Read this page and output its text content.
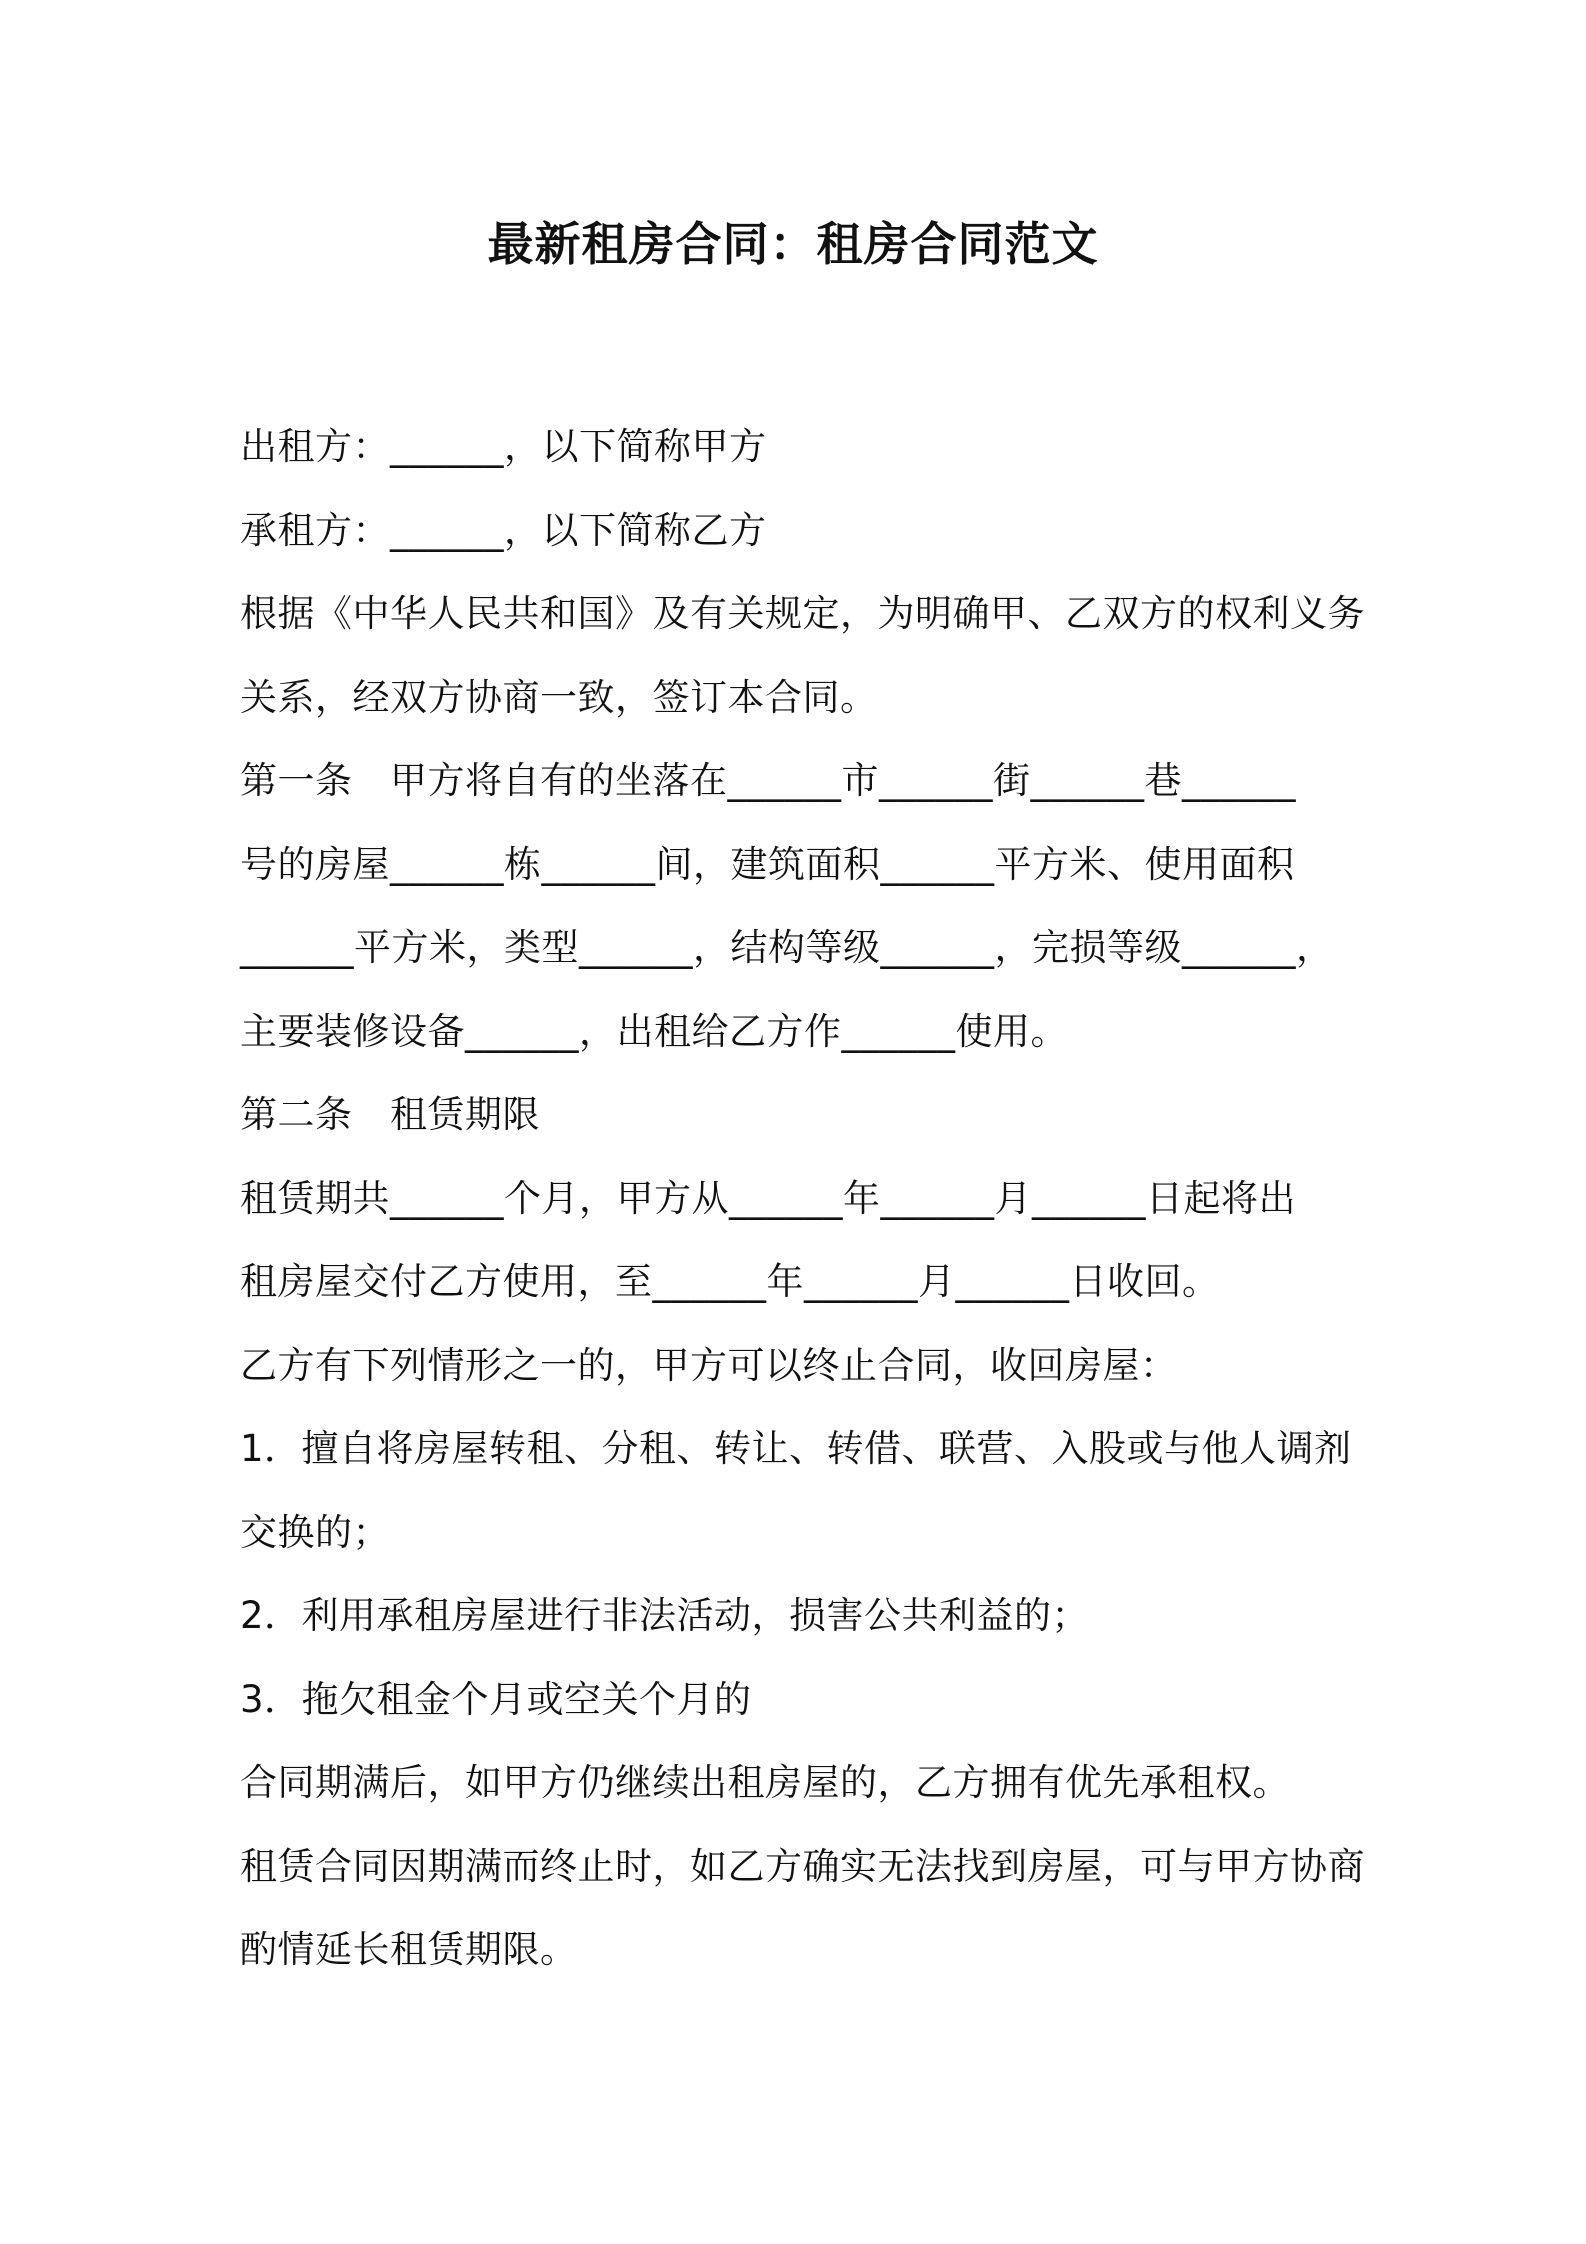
最新租房合同：租房合同范文
出租方：______，以下简称甲方
承租方：______，以下简称乙方
根据《中华人民共和国》及有关规定，为明确甲、乙双方的权利义务
关系，经双方协商一致，签订本合同。
第一条　甲方将自有的坐落在______市______街______巷______
号的房屋______栋______间，建筑面积______平方米、使用面积
______平方米，类型______，结构等级______，完损等级______，
主要装修设备______，出租给乙方作______使用。
第二条　租赁期限
租赁期共______个月，甲方从______年______月______日起将出
租房屋交付乙方使用，至______年______月______日收回。
乙方有下列情形之一的，甲方可以终止合同，收回房屋：
1．擅自将房屋转租、分租、转让、转借、联营、入股或与他人调剂
交换的；
2．利用承租房屋进行非法活动，损害公共利益的；
3．拖欠租金个月或空关个月的
合同期满后，如甲方仍继续出租房屋的，乙方拥有优先承租权。
租赁合同因期满而终止时，如乙方确实无法找到房屋，可与甲方协商
酌情延长租赁期限。
